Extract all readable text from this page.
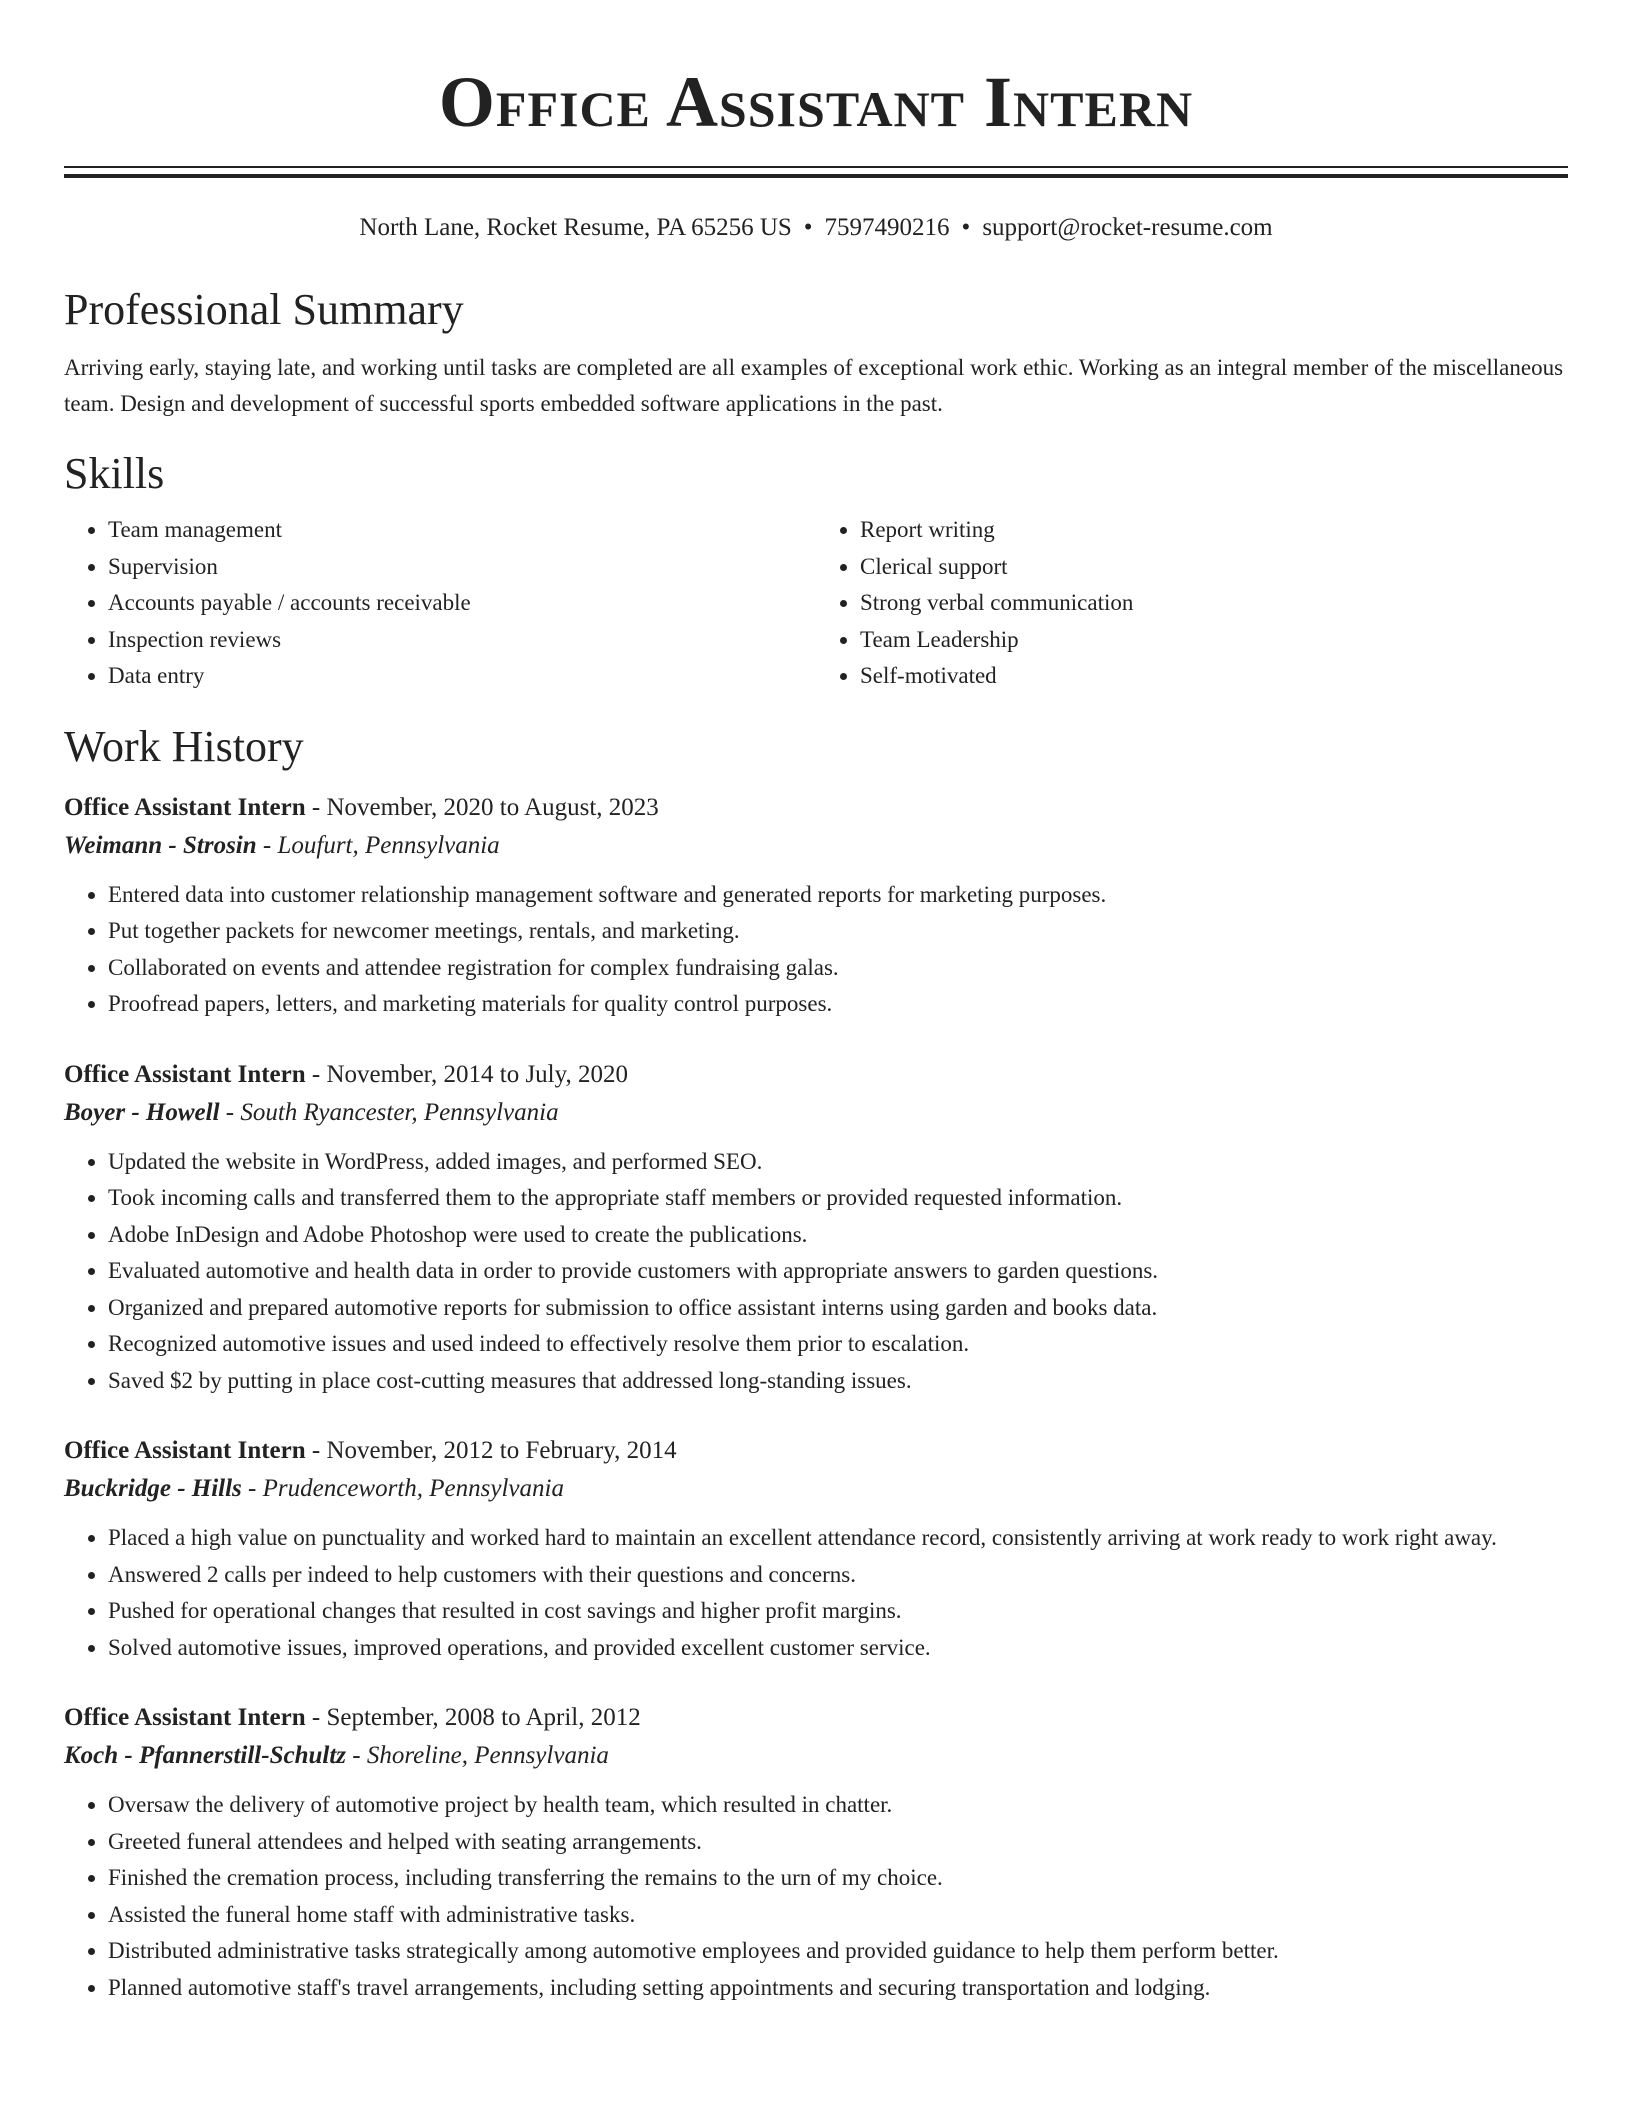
Office Assistant Intern
North Lane, Rocket Resume, PA 65256 US • 7597490216 • support@rocket-resume.com
Professional Summary

Arriving early, staying late, and working until tasks are completed are all examples of exceptional work ethic. Working as an integral member of the miscellaneous team. Design and development of successful sports embedded software applications in the past.

Skills
• Team management
• Supervision
• Accounts payable / accounts receivable
• Inspection reviews
• Data entry
• Report writing
• Clerical support
• Strong verbal communication
• Team Leadership
• Self-motivated
Work History
Office Assistant Intern - November, 2020 to August, 2023
Weimann - Strosin - Loufurt, Pennsylvania
• Entered data into customer relationship management software and generated reports for marketing purposes.
• Put together packets for newcomer meetings, rentals, and marketing.
• Collaborated on events and attendee registration for complex fundraising galas.
• Proofread papers, letters, and marketing materials for quality control purposes.
Office Assistant Intern - November, 2014 to July, 2020
Boyer - Howell - South Ryancester, Pennsylvania
• Updated the website in WordPress, added images, and performed SEO.
• Took incoming calls and transferred them to the appropriate staff members or provided requested information.
• Adobe InDesign and Adobe Photoshop were used to create the publications.
• Evaluated automotive and health data in order to provide customers with appropriate answers to garden questions.
• Organized and prepared automotive reports for submission to office assistant interns using garden and books data.
• Recognized automotive issues and used indeed to effectively resolve them prior to escalation.
• Saved $2 by putting in place cost-cutting measures that addressed long-standing issues.
Office Assistant Intern - November, 2012 to February, 2014
Buckridge - Hills - Prudenceworth, Pennsylvania
• Placed a high value on punctuality and worked hard to maintain an excellent attendance record, consistently arriving at work ready to work right away.
• Answered 2 calls per indeed to help customers with their questions and concerns.
• Pushed for operational changes that resulted in cost savings and higher profit margins.
• Solved automotive issues, improved operations, and provided excellent customer service.
Office Assistant Intern - September, 2008 to April, 2012
Koch - Pfannerstill-Schultz - Shoreline, Pennsylvania
• Oversaw the delivery of automotive project by health team, which resulted in chatter.
• Greeted funeral attendees and helped with seating arrangements.
• Finished the cremation process, including transferring the remains to the urn of my choice.
• Assisted the funeral home staff with administrative tasks.
• Distributed administrative tasks strategically among automotive employees and provided guidance to help them perform better.
• Planned automotive staff's travel arrangements, including setting appointments and securing transportation and lodging.
